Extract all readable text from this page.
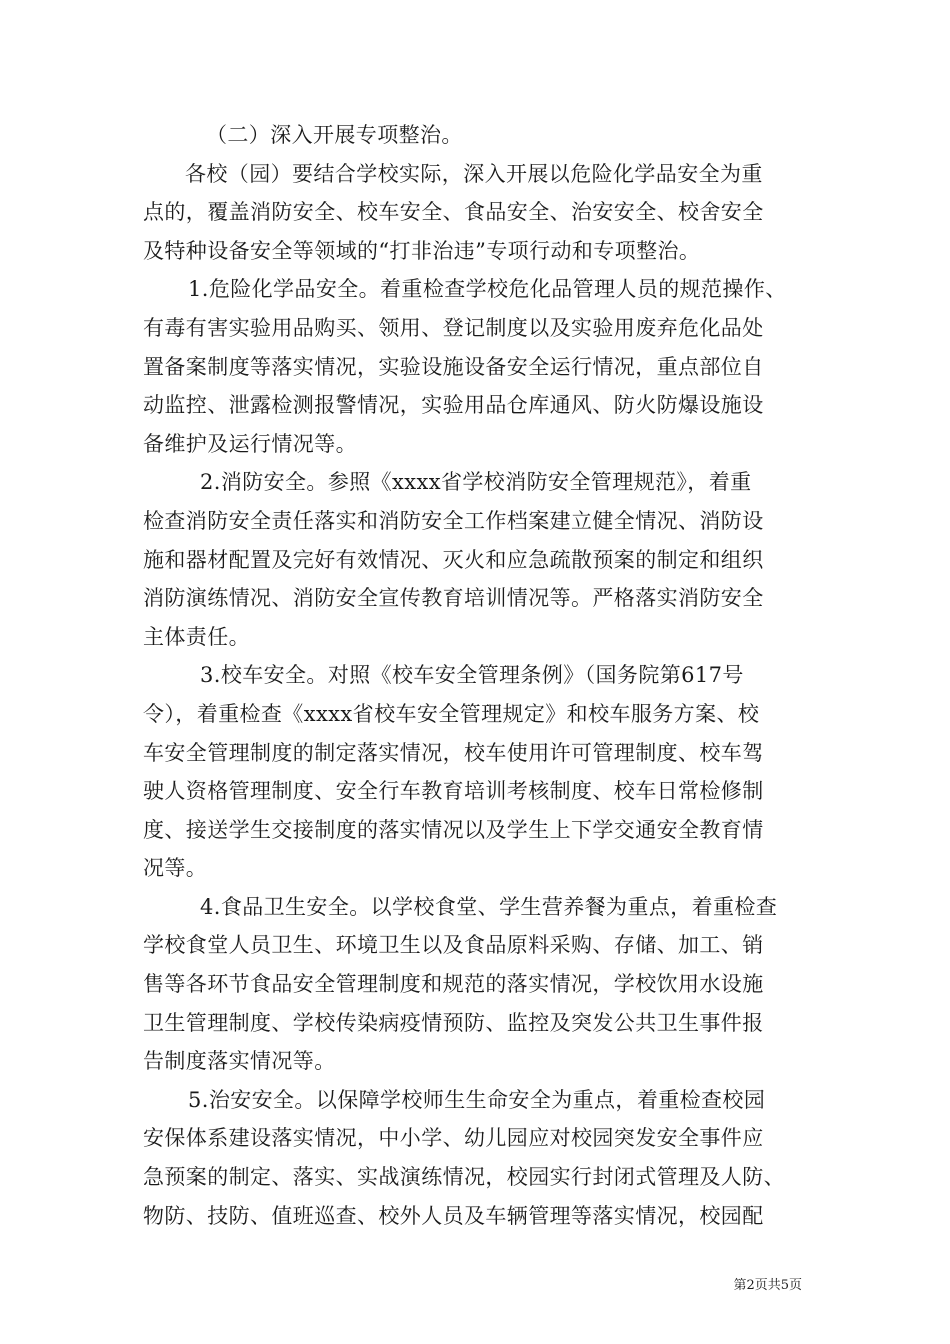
（二）深入开展专项整治。
各校（园）要结合学校实际，深入开展以危险化学品安全为重
点的，覆盖消防安全、校车安全、食品安全、治安安全、校舍安全
及特种设备安全等领域的“打非治违”专项行动和专项整治。
1.危险化学品安全。着重检查学校危化品管理人员的规范操作、
有毒有害实验用品购买、领用、登记制度以及实验用废弃危化品处
置备案制度等落实情况，实验设施设备安全运行情况，重点部位自
动监控、泄露检测报警情况，实验用品仓库通风、防火防爆设施设
备维护及运行情况等。
2.消防安全。参照《xxxx省学校消防安全管理规范》，着重
检查消防安全责任落实和消防安全工作档案建立健全情况、消防设
施和器材配置及完好有效情况、灭火和应急疏散预案的制定和组织
消防演练情况、消防安全宣传教育培训情况等。严格落实消防安全
主体责任。
3.校车安全。对照《校车安全管理条例》（国务院第617号
令），着重检查《xxxx省校车安全管理规定》和校车服务方案、校
车安全管理制度的制定落实情况，校车使用许可管理制度、校车驾
驶人资格管理制度、安全行车教育培训考核制度、校车日常检修制
度、接送学生交接制度的落实情况以及学生上下学交通安全教育情
况等。
4.食品卫生安全。以学校食堂、学生营养餐为重点，着重检查
学校食堂人员卫生、环境卫生以及食品原料采购、存储、加工、销
售等各环节食品安全管理制度和规范的落实情况，学校饮用水设施
卫生管理制度、学校传染病疫情预防、监控及突发公共卫生事件报
告制度落实情况等。
5.治安安全。以保障学校师生生命安全为重点，着重检查校园
安保体系建设落实情况，中小学、幼儿园应对校园突发安全事件应
急预案的制定、落实、实战演练情况，校园实行封闭式管理及人防、
物防、技防、值班巡查、校外人员及车辆管理等落实情况，校园配
第2页共5页
